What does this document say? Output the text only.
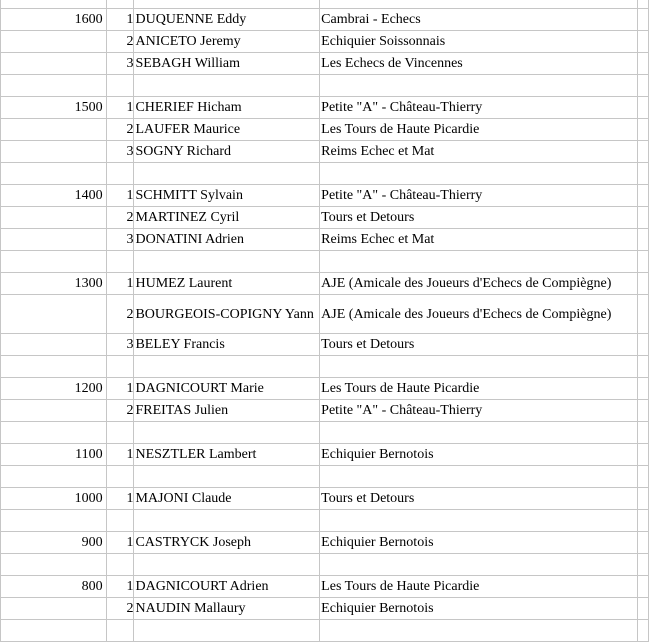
1600	1	DUQUENNE Eddy	Cambrai - Echecs	
	2	ANICETO Jeremy	Echiquier Soissonnais	
	3	SEBAGH William	Les Echecs de Vincennes	

1500	1	CHERIEF Hicham	Petite "A" - Château-Thierry	
	2	LAUFER Maurice	Les Tours de Haute Picardie	
	3	SOGNY Richard	Reims Echec et Mat	

1400	1	SCHMITT Sylvain	Petite "A" - Château-Thierry	
	2	MARTINEZ Cyril	Tours et Detours	
	3	DONATINI Adrien	Reims Echec et Mat	

1300	1	HUMEZ Laurent	AJE (Amicale des Joueurs d'Echecs de Compiègne)	
	2	BOURGEOIS-COPIGNY Yann	AJE (Amicale des Joueurs d'Echecs de Compiègne)	
	3	BELEY Francis	Tours et Detours	

1200	1	DAGNICOURT Marie	Les Tours de Haute Picardie	
	2	FREITAS Julien	Petite "A" - Château-Thierry	

1100	1	NESZTLER Lambert	Echiquier Bernotois	

1000	1	MAJONI Claude	Tours et Detours	

900	1	CASTRYCK Joseph	Echiquier Bernotois	

800	1	DAGNICOURT Adrien	Les Tours de Haute Picardie	
	2	NAUDIN Mallaury	Echiquier Bernotois	
